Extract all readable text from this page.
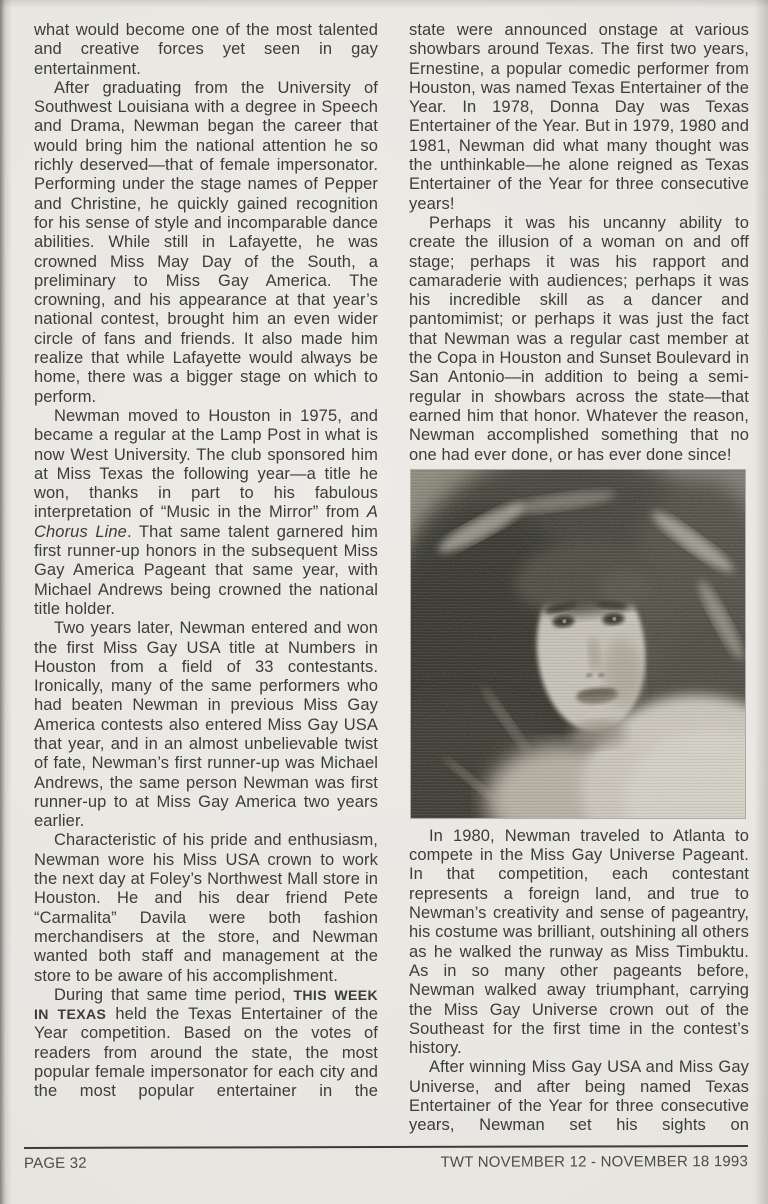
what would become one of the most talented and creative forces yet seen in gay entertainment.

After graduating from the University of Southwest Louisiana with a degree in Speech and Drama, Newman began the career that would bring him the national attention he so richly deserved—that of female impersonator. Performing under the stage names of Pepper and Christine, he quickly gained recognition for his sense of style and incomparable dance abilities. While still in Lafayette, he was crowned Miss May Day of the South, a preliminary to Miss Gay America. The crowning, and his appearance at that year’s national contest, brought him an even wider circle of fans and friends. It also made him realize that while Lafayette would always be home, there was a bigger stage on which to perform.

Newman moved to Houston in 1975, and became a regular at the Lamp Post in what is now West University. The club sponsored him at Miss Texas the following year—a title he won, thanks in part to his fabulous interpretation of “Music in the Mirror” from A Chorus Line. That same talent garnered him first runner-up honors in the subsequent Miss Gay America Pageant that same year, with Michael Andrews being crowned the national title holder.

Two years later, Newman entered and won the first Miss Gay USA title at Numbers in Houston from a field of 33 contestants. Ironically, many of the same performers who had beaten Newman in previous Miss Gay America contests also entered Miss Gay USA that year, and in an almost unbelievable twist of fate, Newman’s first runner-up was Michael Andrews, the same person Newman was first runner-up to at Miss Gay America two years earlier.

Characteristic of his pride and enthusiasm, Newman wore his Miss USA crown to work the next day at Foley’s Northwest Mall store in Houston. He and his dear friend Pete “Carmalita” Davila were both fashion merchandisers at the store, and Newman wanted both staff and management at the store to be aware of his accomplishment.

During that same time period, THIS WEEK IN TEXAS held the Texas Entertainer of the Year competition. Based on the votes of readers from around the state, the most popular female impersonator for each city and the most popular entertainer in the

state were announced onstage at various showbars around Texas. The first two years, Ernestine, a popular comedic performer from Houston, was named Texas Entertainer of the Year. In 1978, Donna Day was Texas Entertainer of the Year. But in 1979, 1980 and 1981, Newman did what many thought was the unthinkable—he alone reigned as Texas Entertainer of the Year for three consecutive years!

Perhaps it was his uncanny ability to create the illusion of a woman on and off stage; perhaps it was his rapport and camaraderie with audiences; perhaps it was his incredible skill as a dancer and pantomimist; or perhaps it was just the fact that Newman was a regular cast member at the Copa in Houston and Sunset Boulevard in San Antonio—in addition to being a semi-regular in showbars across the state—that earned him that honor. Whatever the reason, Newman accomplished something that no one had ever done, or has ever done since!

In 1980, Newman traveled to Atlanta to compete in the Miss Gay Universe Pageant. In that competition, each contestant represents a foreign land, and true to Newman’s creativity and sense of pageantry, his costume was brilliant, outshining all others as he walked the runway as Miss Timbuktu. As in so many other pageants before, Newman walked away triumphant, carrying the Miss Gay Universe crown out of the Southeast for the first time in the contest’s history.

After winning Miss Gay USA and Miss Gay Universe, and after being named Texas Entertainer of the Year for three consecutive years, Newman set his sights on

PAGE 32	TWT NOVEMBER 12 - NOVEMBER 18 1993
